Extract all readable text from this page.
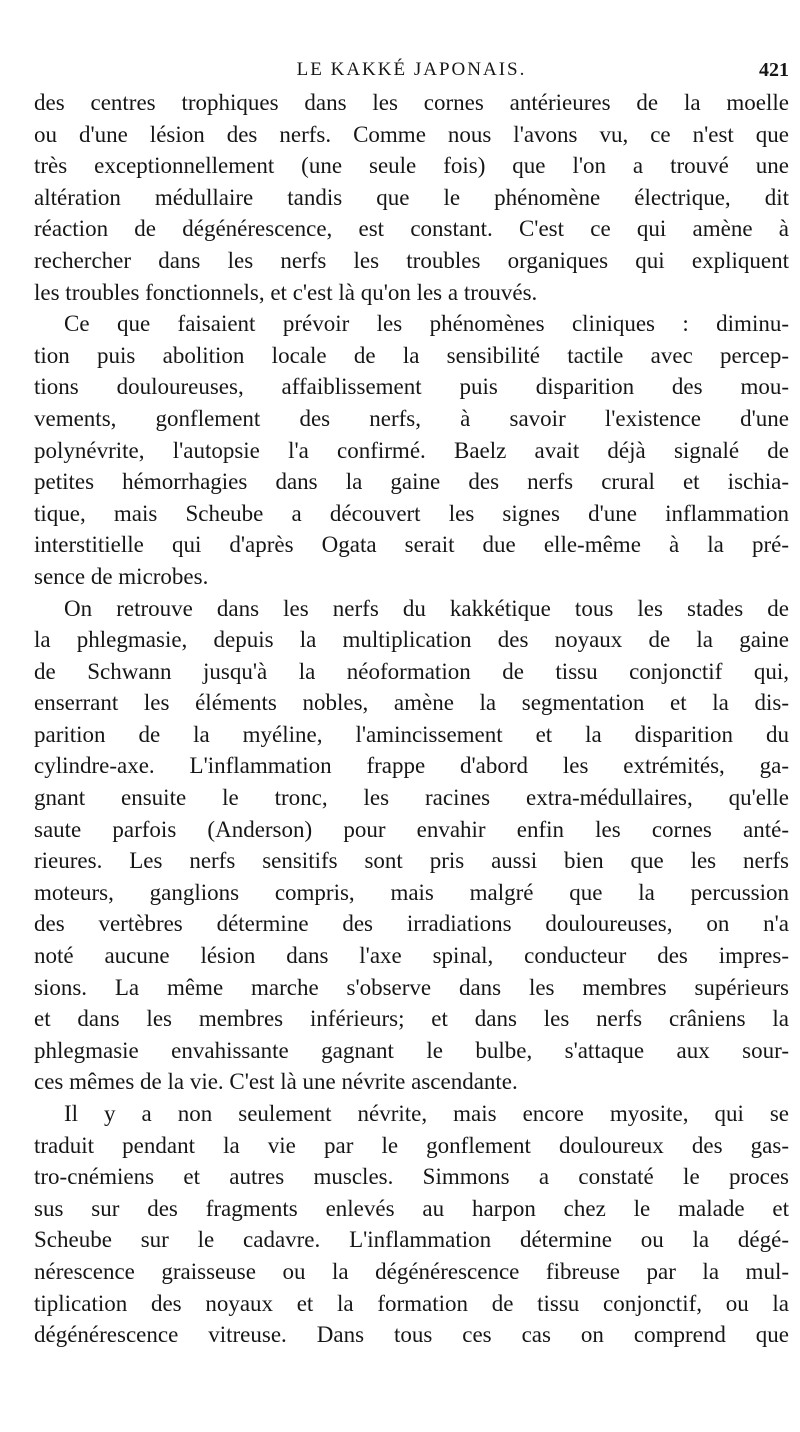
LE KAKKÉ JAPONAIS.	421
des centres trophiques dans les cornes antérieures de la moelle
ou d'une lésion des nerfs. Comme nous l'avons vu, ce n'est que
très exceptionnellement (une seule fois) que l'on a trouvé une
altération médullaire tandis que le phénomène électrique, dit
réaction de dégénérescence, est constant. C'est ce qui amène à
rechercher dans les nerfs les troubles organiques qui expliquent
les troubles fonctionnels, et c'est là qu'on les a trouvés.
Ce que faisaient prévoir les phénomènes cliniques : diminu-
tion puis abolition locale de la sensibilité tactile avec percep-
tions douloureuses, affaiblissement puis disparition des mou-
vements, gonflement des nerfs, à savoir l'existence d'une
polynévrite, l'autopsie l'a confirmé. Baelz avait déjà signalé de
petites hémorrhagies dans la gaine des nerfs crural et ischia-
tique, mais Scheube a découvert les signes d'une inflammation
interstitielle qui d'après Ogata serait due elle-même à la pré-
sence de microbes.
On retrouve dans les nerfs du kakkétique tous les stades de
la phlegmasie, depuis la multiplication des noyaux de la gaine
de Schwann jusqu'à la néoformation de tissu conjonctif qui,
enserrant les éléments nobles, amène la segmentation et la dis-
parition de la myéline, l'amincissement et la disparition du
cylindre-axe. L'inflammation frappe d'abord les extrémités, ga-
gnant ensuite le tronc, les racines extra-médullaires, qu'elle
saute parfois (Anderson) pour envahir enfin les cornes anté-
rieures. Les nerfs sensitifs sont pris aussi bien que les nerfs
moteurs, ganglions compris, mais malgré que la percussion
des vertèbres détermine des irradiations douloureuses, on n'a
noté aucune lésion dans l'axe spinal, conducteur des impres-
sions. La même marche s'observe dans les membres supérieurs
et dans les membres inférieurs; et dans les nerfs crâniens la
phlegmasie envahissante gagnant le bulbe, s'attaque aux sour-
ces mêmes de la vie. C'est là une névrite ascendante.
Il y a non seulement névrite, mais encore myosite, qui se
traduit pendant la vie par le gonflement douloureux des gas-
tro-cnémiens et autres muscles. Simmons a constaté le proces
sus sur des fragments enlevés au harpon chez le malade et
Scheube sur le cadavre. L'inflammation détermine ou la dégé-
nérescence graisseuse ou la dégénérescence fibreuse par la mul-
tiplication des noyaux et la formation de tissu conjonctif, ou la
dégénérescence vitreuse. Dans tous ces cas on comprend que
